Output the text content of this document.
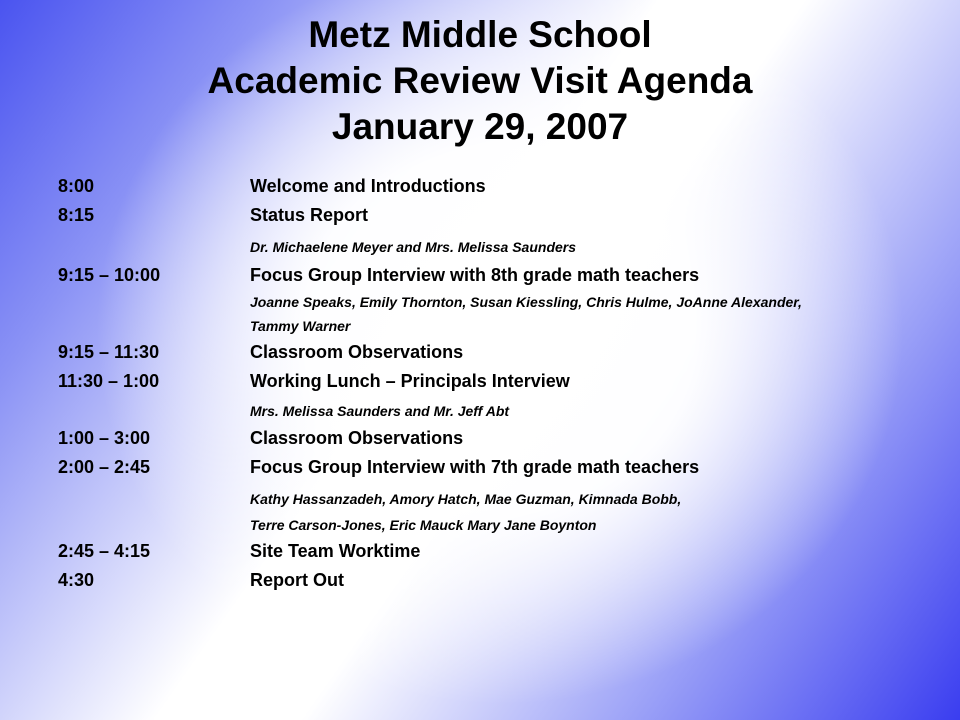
Metz Middle School
Academic Review Visit Agenda
January 29, 2007
8:00	Welcome and Introductions
8:15	Status Report
Dr. Michaelene Meyer and Mrs. Melissa Saunders
9:15 – 10:00	Focus Group Interview with 8th grade math teachers
Joanne Speaks, Emily Thornton, Susan Kiessling, Chris Hulme, JoAnne Alexander,
Tammy Warner
9:15 – 11:30	Classroom Observations
11:30 – 1:00	Working Lunch – Principals Interview
Mrs. Melissa Saunders and Mr. Jeff Abt
1:00 – 3:00	Classroom Observations
2:00 – 2:45	Focus Group Interview with 7th grade math teachers
Kathy Hassanzadeh, Amory Hatch, Mae Guzman, Kimnada Bobb,
Terre Carson-Jones, Eric Mauck Mary Jane Boynton
2:45 – 4:15	Site Team Worktime
4:30	Report Out
